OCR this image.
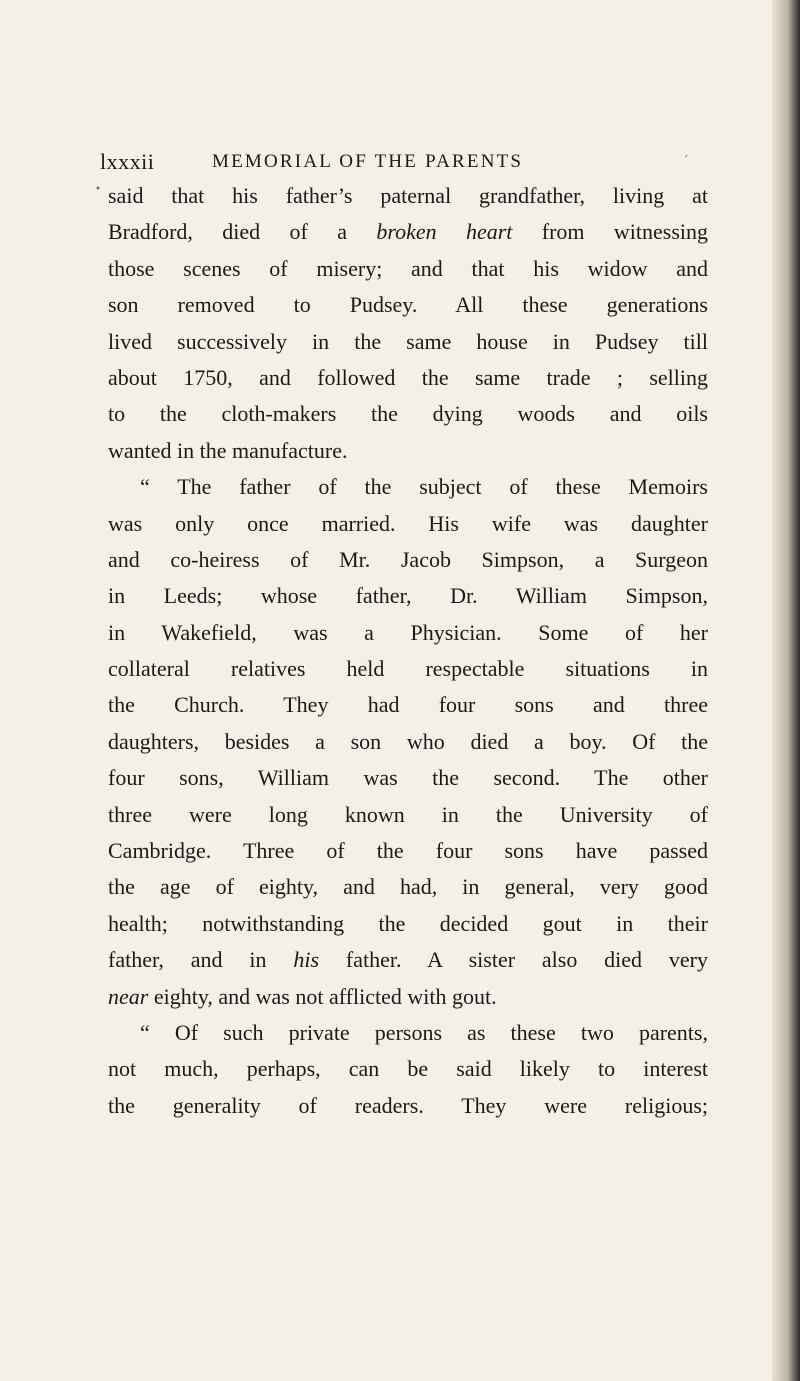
lxxxii	MEMORIAL OF THE PARENTS
•
ˊ
said that his father’s paternal grandfather, living at
Bradford, died of a broken heart from witnessing
those scenes of misery; and that his widow and
son removed to Pudsey. All these generations
lived successively in the same house in Pudsey till
about 1750, and followed the same trade ; selling
to the cloth-makers the dying woods and oils
wanted in the manufacture.
“ The father of the subject of these Memoirs
was only once married. His wife was daughter
and co-heiress of Mr. Jacob Simpson, a Surgeon
in Leeds; whose father, Dr. William Simpson,
in Wakefield, was a Physician. Some of her
collateral relatives held respectable situations in
the Church. They had four sons and three
daughters, besides a son who died a boy. Of the
four sons, William was the second. The other
three were long known in the University of
Cambridge. Three of the four sons have passed
the age of eighty, and had, in general, very good
health; notwithstanding the decided gout in their
father, and in his father. A sister also died very
near eighty, and was not afflicted with gout.
“ Of such private persons as these two parents,
not much, perhaps, can be said likely to interest
the generality of readers. They were religious;
